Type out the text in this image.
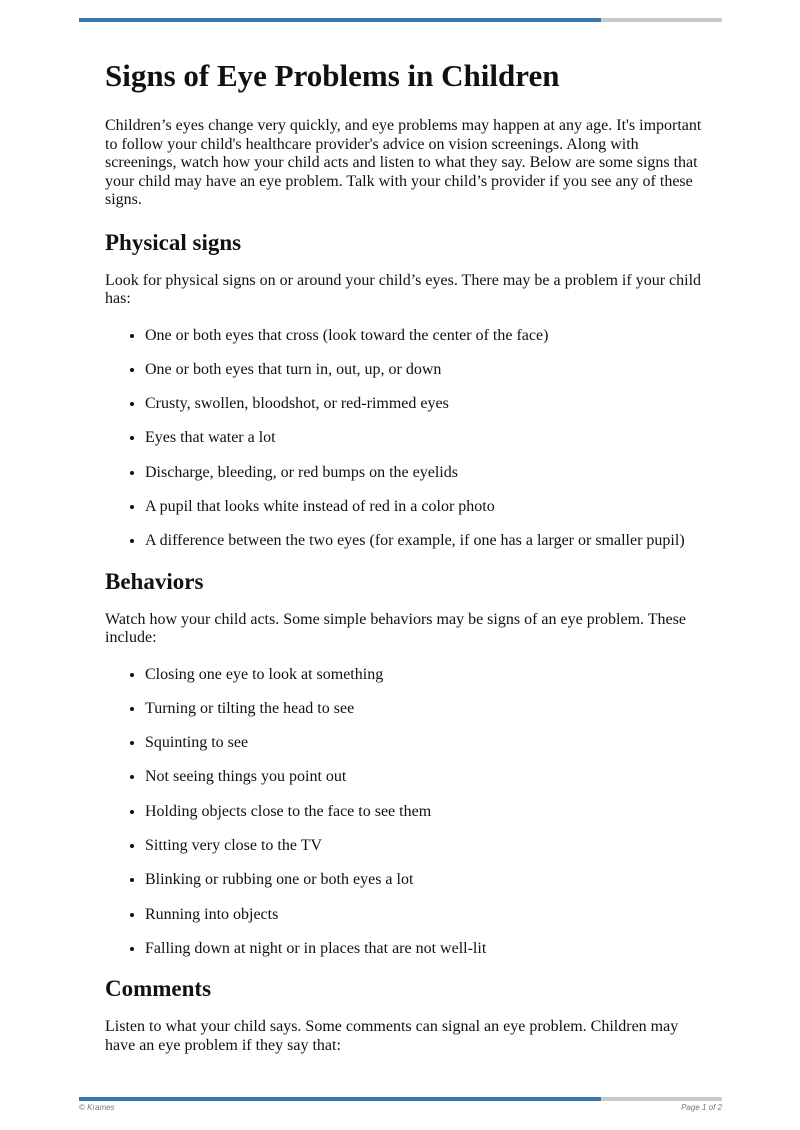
Signs of Eye Problems in Children

Children’s eyes change very quickly, and eye problems may happen at any age. It's important to follow your child's healthcare provider's advice on vision screenings. Along with screenings, watch how your child acts and listen to what they say. Below are some signs that your child may have an eye problem. Talk with your child’s provider if you see any of these signs.

Physical signs

Look for physical signs on or around your child’s eyes. There may be a problem if your child has:

• One or both eyes that cross (look toward the center of the face)
• One or both eyes that turn in, out, up, or down
• Crusty, swollen, bloodshot, or red-rimmed eyes
• Eyes that water a lot
• Discharge, bleeding, or red bumps on the eyelids
• A pupil that looks white instead of red in a color photo
• A difference between the two eyes (for example, if one has a larger or smaller pupil)
Behaviors

Watch how your child acts. Some simple behaviors may be signs of an eye problem. These include:

• Closing one eye to look at something
• Turning or tilting the head to see
• Squinting to see
• Not seeing things you point out
• Holding objects close to the face to see them
• Sitting very close to the TV
• Blinking or rubbing one or both eyes a lot
• Running into objects
• Falling down at night or in places that are not well-lit
Comments

Listen to what your child says. Some comments can signal an eye problem. Children may have an eye problem if they say that:

© Krames	Page 1 of 2
